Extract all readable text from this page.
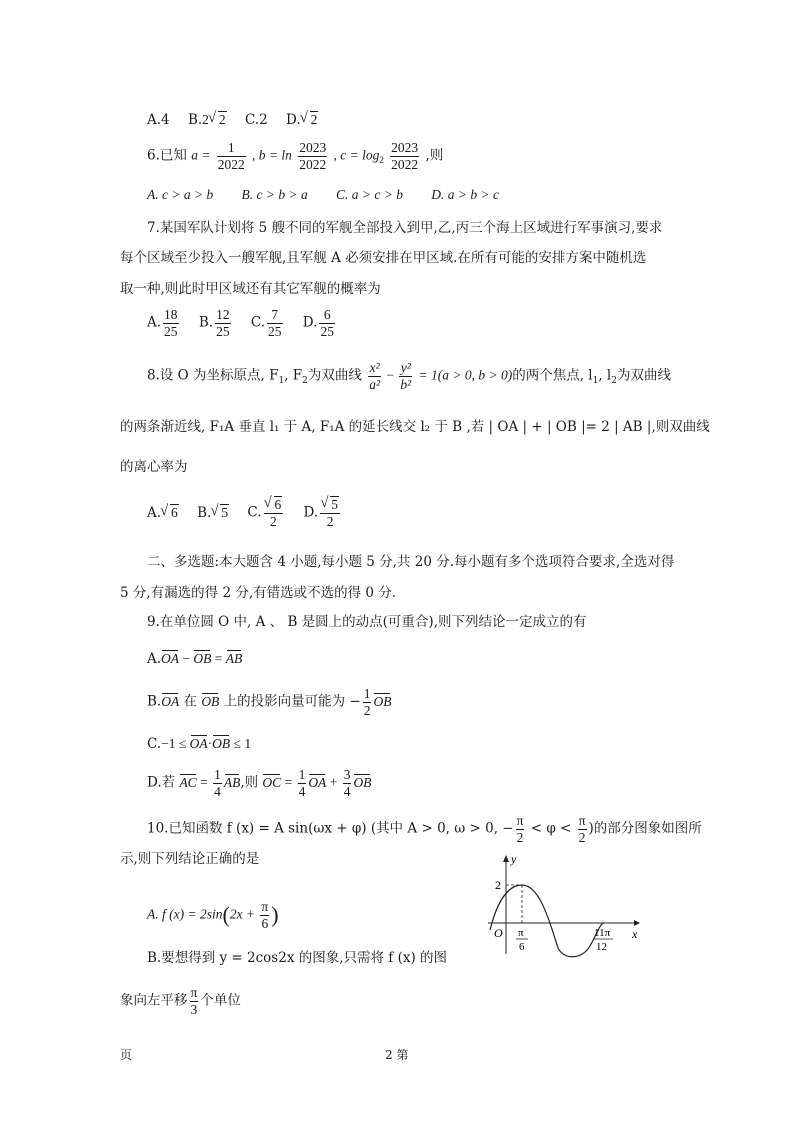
A.4 B.2 √ 2 C.2 D. √ 2
6.已知 $a = \frac{1}{2022}$ , $b = \ln \frac{2023}{2022}$ , $c = \log_2 \frac{2023}{2022}$ ,则
A. c > a > b B. c > b > a C. a > c > b D. a > b > c
7.某国军队计划将 5 艘不同的军舰全部投入到甲,乙,丙三个海上区域进行军事演习,要求
每个区域至少投入一艘军舰,且军舰 A 必须安排在甲区域.在所有可能的安排方案中随机选
取一种,则此时甲区域还有其它军舰的概率为
A. $\frac{18}{25} B$. $\frac{12}{25} C$. $\frac{7}{25} D$. $\frac{6}{25}$
8.设 O 为坐标原点, $F_1$, $F_2$为双曲线 $\frac{\text{x²}}{\text{a²}} - \frac{\text{y²}}{\text{b²}} = 1(a > 0$, b > 0)的两个焦点, $l_1$, $l_2$为双曲线
的两条渐近线, F₁A 垂直 l₁ 于 A, F₁A 的延长线交 l₂ 于 B ,若 | OA | + | OB |= 2 | AB |,则双曲线
的离心率为
A. √ 6 B. √ 5 C. √ $\frac{6}{2} D$. √ $\frac{5}{2}$
二、多选题:本大题含 4 小题,每小题 5 分,共 20 分.每小题有多个选项符合要求,全选对得
5 分,有漏选的得 2 分,有错选或不选的得 0 分.
9.在单位圆 O 中, A 、 B 是圆上的动点(可重合),则下列结论一定成立的有
A.OA − OB = AB
B.OA 在 OB 上的投影向量可能为 − $\frac{1}{2}$ OB
C.−1 ≤ OA·OB ≤ 1
D.若 AC = $\frac{1}{4}$ AB,则 OC = $\frac{1}{4}$ OA + $\frac{3}{4}$ OB
10.已知函数 f (x) = A sin(ωx + φ) (其中 A > 0, ω > 0, − $\frac{\pi}{2} < \varphi < \frac{\pi}{2}$ )的部分图象如图所
示,则下列结论正确的是
A. f $(x) = 2\sin(2x + \frac{\pi}{6}$ )
B.要想得到 y = 2cos2x 的图象,只需将 f (x) 的图
象向左平移 $\frac{\pi}{3}$ 个单位
y
x
O
2
π
6
11π
12
页	2 第
